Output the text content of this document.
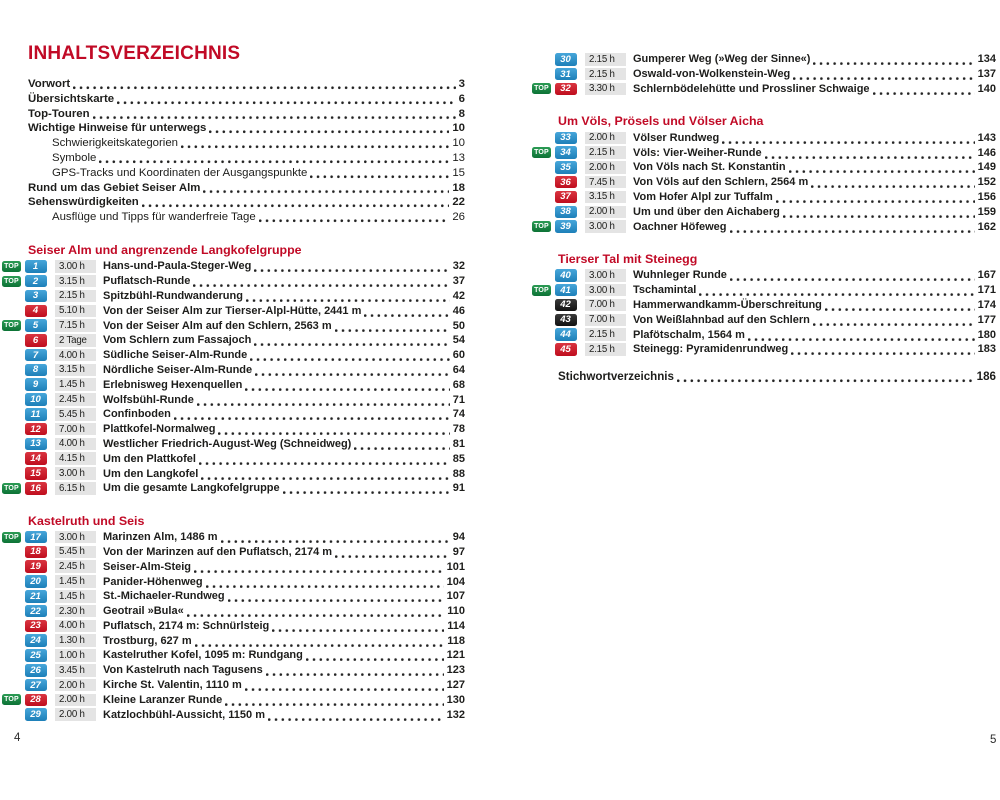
INHALTSVERZEICHNIS
Vorwort	3
Übersichtskarte	6
Top-Touren	8
Wichtige Hinweise für unterwegs	10
Schwierigkeitskategorien	10
Symbole	13
GPS-Tracks und Koordinaten der Ausgangspunkte	15
Rund um das Gebiet Seiser Alm	18
Sehenswürdigkeiten	22
Ausflüge und Tipps für wanderfreie Tage	26
Seiser Alm und angrenzende Langkofelgruppe
TOP	1	3.00 h	Hans-und-Paula-Steger-Weg	32
TOP	2	3.15 h	Puflatsch-Runde	37
3	2.15 h	Spitzbühl-Rundwanderung	42
4	5.10 h	Von der Seiser Alm zur Tierser-Alpl-Hütte, 2441 m	46
TOP	5	7.15 h	Von der Seiser Alm auf den Schlern, 2563 m	50
6	2 Tage	Vom Schlern zum Fassajoch	54
7	4.00 h	Südliche Seiser-Alm-Runde	60
8	3.15 h	Nördliche Seiser-Alm-Runde	64
9	1.45 h	Erlebnisweg Hexenquellen	68
10	2.45 h	Wolfsbühl-Runde	71
11	5.45 h	Confinboden	74
12	7.00 h	Plattkofel-Normalweg	78
13	4.00 h	Westlicher Friedrich-August-Weg (Schneidweg)	81
14	4.15 h	Um den Plattkofel	85
15	3.00 h	Um den Langkofel	88
TOP	16	6.15 h	Um die gesamte Langkofelgruppe	91
Kastelruth und Seis
TOP	17	3.00 h	Marinzen Alm, 1486 m	94
18	5.45 h	Von der Marinzen auf den Puflatsch, 2174 m	97
19	2.45 h	Seiser-Alm-Steig	101
20	1.45 h	Panider-Höhenweg	104
21	1.45 h	St.-Michaeler-Rundweg	107
22	2.30 h	Geotrail »Bula«	110
23	4.00 h	Puflatsch, 2174 m: Schnürlsteig	114
24	1.30 h	Trostburg, 627 m	118
25	1.00 h	Kastelruther Kofel, 1095 m: Rundgang	121
26	3.45 h	Von Kastelruth nach Tagusens	123
27	2.00 h	Kirche St. Valentin, 1110 m	127
TOP	28	2.00 h	Kleine Laranzer Runde	130
29	2.00 h	Katzlochbühl-Aussicht, 1150 m	132
30	2.15 h	Gumperer Weg (»Weg der Sinne«)	134
31	2.15 h	Oswald-von-Wolkenstein-Weg	137
TOP	32	3.30 h	Schlernbödelehütte und Prossliner Schwaige	140
Um Völs, Prösels und Völser Aicha
33	2.00 h	Völser Rundweg	143
TOP	34	2.15 h	Völs: Vier-Weiher-Runde	146
35	2.00 h	Von Völs nach St. Konstantin	149
36	7.45 h	Von Völs auf den Schlern, 2564 m	152
37	3.15 h	Vom Hofer Alpl zur Tuffalm	156
38	2.00 h	Um und über den Aichaberg	159
TOP	39	3.00 h	Oachner Höfeweg	162
Tierser Tal mit Steinegg
40	3.00 h	Wuhnleger Runde	167
TOP	41	3.00 h	Tschamintal	171
42	7.00 h	Hammerwandkamm-Überschreitung	174
43	7.00 h	Von Weißlahnbad auf den Schlern	177
44	2.15 h	Plafötschalm, 1564 m	180
45	2.15 h	Steinegg: Pyramidenrundweg	183
Stichwortverzeichnis	186
4	5
